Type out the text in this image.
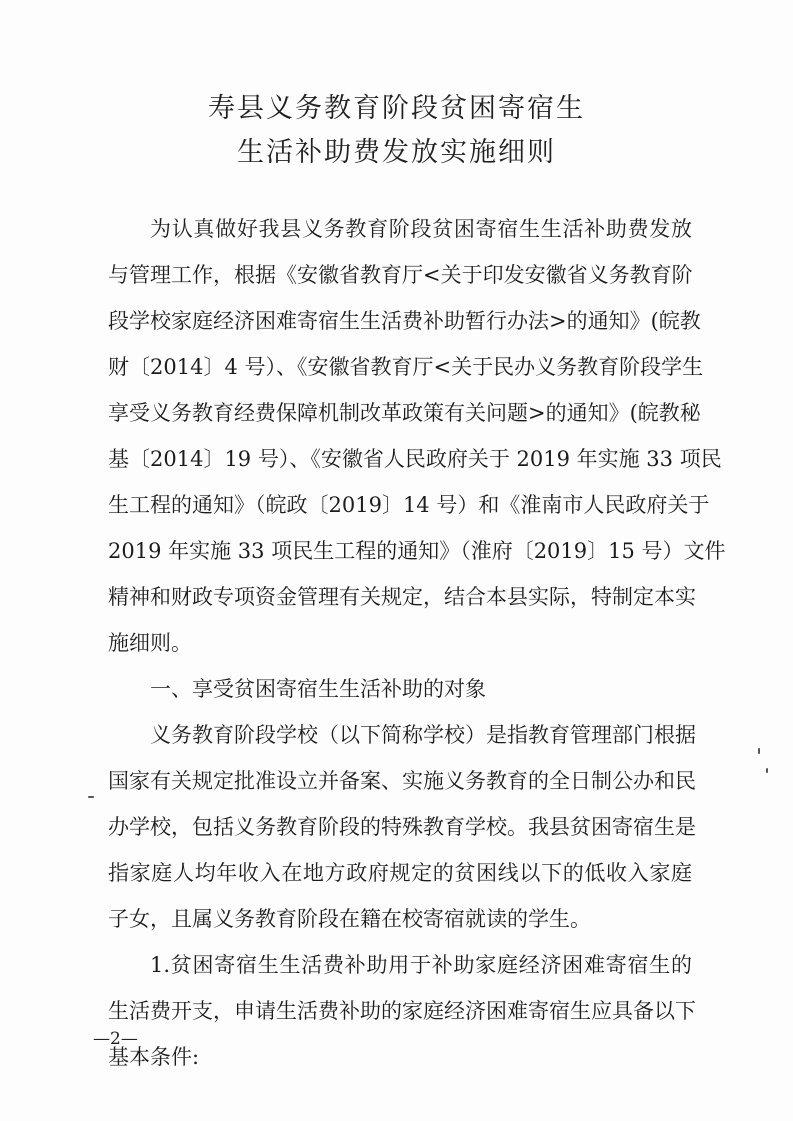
寿县义务教育阶段贫困寄宿生
生活补助费发放实施细则
为认真做好我县义务教育阶段贫困寄宿生生活补助费发放
与管理工作，根据《安徽省教育厅<关于印发安徽省义务教育阶
段学校家庭经济困难寄宿生生活费补助暂行办法>的通知》(皖教
财〔2014〕4 号）、《安徽省教育厅<关于民办义务教育阶段学生
享受义务教育经费保障机制改革政策有关问题>的通知》(皖教秘
基〔2014〕19 号）、《安徽省人民政府关于 2019 年实施 33 项民
生工程的通知》（皖政〔2019〕14 号）和《淮南市人民政府关于
2019 年实施 33 项民生工程的通知》（淮府〔2019〕15 号）文件
精神和财政专项资金管理有关规定，结合本县实际，特制定本实
施细则。
一、享受贫困寄宿生生活补助的对象
义务教育阶段学校（以下简称学校）是指教育管理部门根据
国家有关规定批准设立并备案、实施义务教育的全日制公办和民
办学校，包括义务教育阶段的特殊教育学校。我县贫困寄宿生是
指家庭人均年收入在地方政府规定的贫困线以下的低收入家庭
子女，且属义务教育阶段在籍在校寄宿就读的学生。
1.贫困寄宿生生活费补助用于补助家庭经济困难寄宿生的
生活费开支，申请生活费补助的家庭经济困难寄宿生应具备以下
基本条件:
—2—
